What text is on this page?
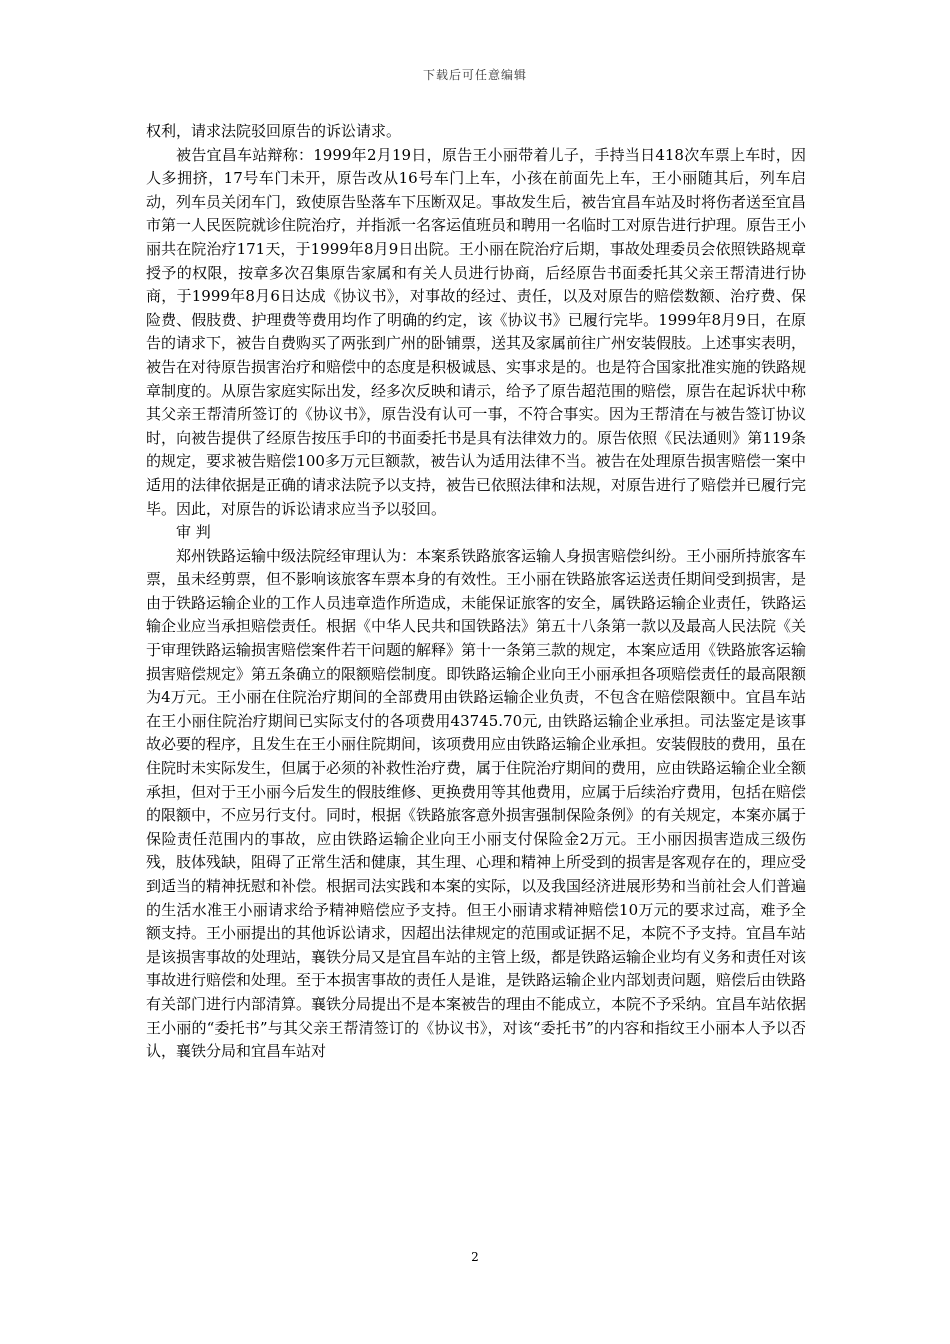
下载后可任意编辑

权利，请求法院驳回原告的诉讼请求。

被告宜昌车站辩称：1999年2月19日，原告王小丽带着儿子，手持当日418次车票上车时，因人多拥挤，17号车门未开，原告改从16号车门上车，小孩在前面先上车，王小丽随其后，列车启动，列车员关闭车门，致使原告坠落车下压断双足。事故发生后，被告宜昌车站及时将伤者送至宜昌市第一人民医院就诊住院治疗，并指派一名客运值班员和聘用一名临时工对原告进行护理。原告王小丽共在院治疗171天，于1999年8月9日出院。王小丽在院治疗后期，事故处理委员会依照铁路规章授予的权限，按章多次召集原告家属和有关人员进行协商，后经原告书面委托其父亲王帮清进行协商，于1999年8月6日达成《协议书》，对事故的经过、责任，以及对原告的赔偿数额、治疗费、保险费、假肢费、护理费等费用均作了明确的约定，该《协议书》已履行完毕。1999年8月9日，在原告的请求下，被告自费购买了两张到广州的卧铺票，送其及家属前往广州安装假肢。上述事实表明，被告在对待原告损害治疗和赔偿中的态度是积极诚恳、实事求是的。也是符合国家批准实施的铁路规章制度的。从原告家庭实际出发，经多次反映和请示，给予了原告超范围的赔偿，原告在起诉状中称其父亲王帮清所签订的《协议书》，原告没有认可一事，不符合事实。因为王帮清在与被告签订协议时，向被告提供了经原告按压手印的书面委托书是具有法律效力的。原告依照《民法通则》第119条的规定，要求被告赔偿100多万元巨额款，被告认为适用法律不当。被告在处理原告损害赔偿一案中适用的法律依据是正确的请求法院予以支持，被告已依照法律和法规，对原告进行了赔偿并已履行完毕。因此，对原告的诉讼请求应当予以驳回。

审 判

郑州铁路运输中级法院经审理认为：本案系铁路旅客运输人身损害赔偿纠纷。王小丽所持旅客车票，虽未经剪票，但不影响该旅客车票本身的有效性。王小丽在铁路旅客运送责任期间受到损害，是由于铁路运输企业的工作人员违章造作所造成，未能保证旅客的安全，属铁路运输企业责任，铁路运输企业应当承担赔偿责任。根据《中华人民共和国铁路法》第五十八条第一款以及最高人民法院《关于审理铁路运输损害赔偿案件若干问题的解释》第十一条第三款的规定，本案应适用《铁路旅客运输损害赔偿规定》第五条确立的限额赔偿制度。即铁路运输企业向王小丽承担各项赔偿责任的最高限额为4万元。王小丽在住院治疗期间的全部费用由铁路运输企业负责，不包含在赔偿限额中。宜昌车站在王小丽住院治疗期间已实际支付的各项费用43745.70元, 由铁路运输企业承担。司法鉴定是该事故必要的程序，且发生在王小丽住院期间，该项费用应由铁路运输企业承担。安装假肢的费用，虽在住院时未实际发生，但属于必须的补救性治疗费，属于住院治疗期间的费用，应由铁路运输企业全额承担，但对于王小丽今后发生的假肢维修、更换费用等其他费用，应属于后续治疗费用，包括在赔偿的限额中，不应另行支付。同时，根据《铁路旅客意外损害强制保险条例》的有关规定，本案亦属于保险责任范围内的事故，应由铁路运输企业向王小丽支付保险金2万元。王小丽因损害造成三级伤残，肢体残缺，阻碍了正常生活和健康，其生理、心理和精神上所受到的损害是客观存在的，理应受到适当的精神抚慰和补偿。根据司法实践和本案的实际，以及我国经济进展形势和当前社会人们普遍的生活水准王小丽请求给予精神赔偿应予支持。但王小丽请求精神赔偿10万元的要求过高，难予全额支持。王小丽提出的其他诉讼请求，因超出法律规定的范围或证据不足，本院不予支持。宜昌车站是该损害事故的处理站，襄铁分局又是宜昌车站的主管上级，都是铁路运输企业均有义务和责任对该事故进行赔偿和处理。至于本损害事故的责任人是谁，是铁路运输企业内部划责问题，赔偿后由铁路有关部门进行内部清算。襄铁分局提出不是本案被告的理由不能成立，本院不予采纳。宜昌车站依据王小丽的“委托书”与其父亲王帮清签订的《协议书》，对该“委托书”的内容和指纹王小丽本人予以否认，襄铁分局和宜昌车站对

2
